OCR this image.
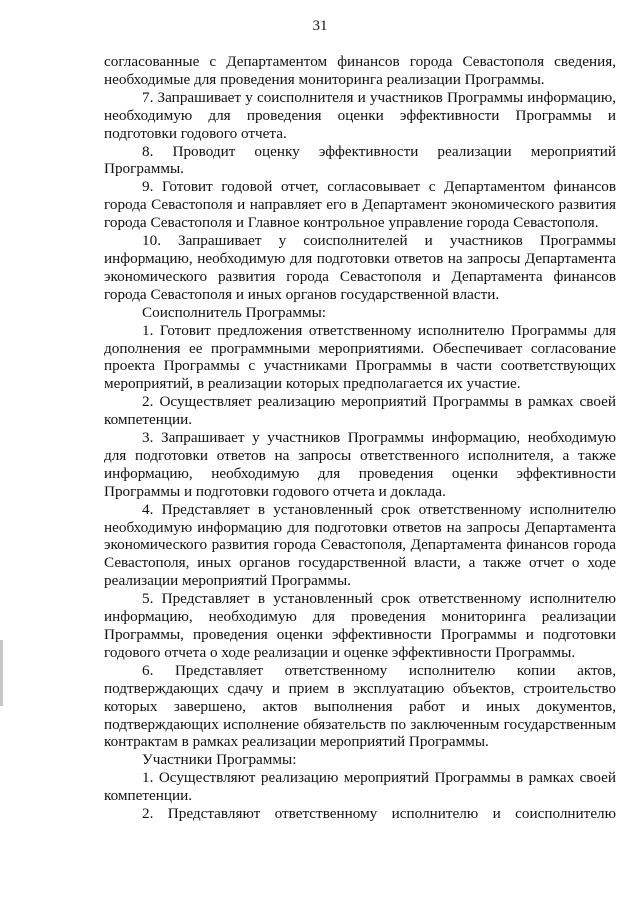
31

согласованные с Департаментом финансов города Севастополя сведения, необходимые для проведения мониторинга реализации Программы.

7. Запрашивает у соисполнителя и участников Программы информацию, необходимую для проведения оценки эффективности Программы и подготовки годового отчета.

8. Проводит оценку эффективности реализации мероприятий Программы.

9. Готовит годовой отчет, согласовывает с Департаментом финансов города Севастополя и направляет его в Департамент экономического развития города Севастополя и Главное контрольное управление города Севастополя.

10. Запрашивает у соисполнителей и участников Программы информацию, необходимую для подготовки ответов на запросы Департамента экономического развития города Севастополя и Департамента финансов города Севастополя и иных органов государственной власти.

Соисполнитель Программы:

1. Готовит предложения ответственному исполнителю Программы для дополнения ее программными мероприятиями. Обеспечивает согласование проекта Программы с участниками Программы в части соответствующих мероприятий, в реализации которых предполагается их участие.

2. Осуществляет реализацию мероприятий Программы в рамках своей компетенции.

3. Запрашивает у участников Программы информацию, необходимую для подготовки ответов на запросы ответственного исполнителя, а также информацию, необходимую для проведения оценки эффективности Программы и подготовки годового отчета и доклада.

4. Представляет в установленный срок ответственному исполнителю необходимую информацию для подготовки ответов на запросы Департамента экономического развития города Севастополя, Департамента финансов города Севастополя, иных органов государственной власти, а также отчет о ходе реализации мероприятий Программы.

5. Представляет в установленный срок ответственному исполнителю информацию, необходимую для проведения мониторинга реализации Программы, проведения оценки эффективности Программы и подготовки годового отчета о ходе реализации и оценке эффективности Программы.

6. Представляет ответственному исполнителю копии актов, подтверждающих сдачу и прием в эксплуатацию объектов, строительство которых завершено, актов выполнения работ и иных документов, подтверждающих исполнение обязательств по заключенным государственным контрактам в рамках реализации мероприятий Программы.

Участники Программы:

1. Осуществляют реализацию мероприятий Программы в рамках своей компетенции.

2. Представляют ответственному исполнителю и соисполнителю
